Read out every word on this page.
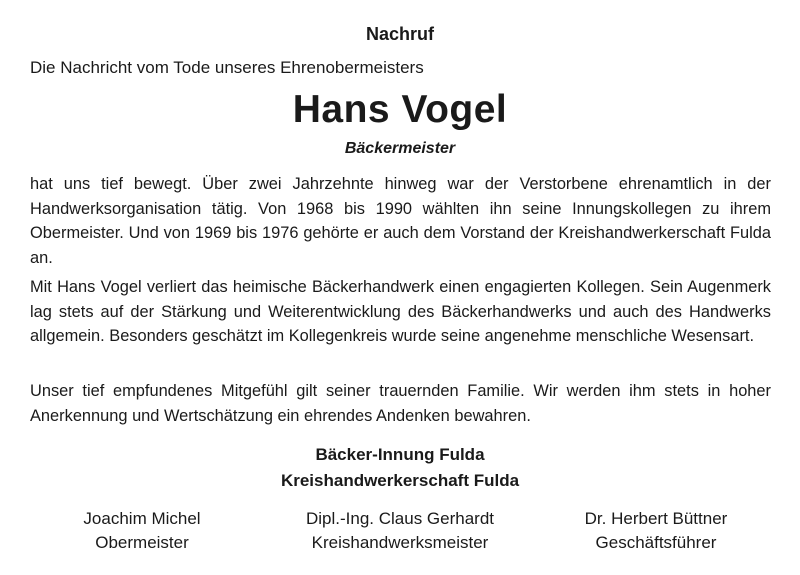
Nachruf
Die Nachricht vom Tode unseres Ehrenobermeisters
Hans Vogel
Bäckermeister
hat uns tief bewegt. Über zwei Jahrzehnte hinweg war der Verstorbene ehrenamtlich in der Handwerksorganisation tätig. Von 1968 bis 1990 wählten ihn seine Innungskollegen zu ihrem Obermeister. Und von 1969 bis 1976 gehörte er auch dem Vorstand der Kreishandwerkerschaft Fulda an.
Mit Hans Vogel verliert das heimische Bäckerhandwerk einen engagierten Kollegen. Sein Augenmerk lag stets auf der Stärkung und Weiterentwicklung des Bäckerhandwerks und auch des Handwerks allgemein. Besonders geschätzt im Kollegenkreis wurde seine angenehme menschliche Wesensart.
Unser tief empfundenes Mitgefühl gilt seiner trauernden Familie. Wir werden ihm stets in hoher Anerkennung und Wertschätzung ein ehrendes Andenken bewahren.
Bäcker-Innung Fulda
Kreishandwerkerschaft Fulda
Joachim Michel
Obermeister
Dipl.-Ing. Claus Gerhardt
Kreishandwerksmeister
Dr. Herbert Büttner
Geschäftsführer
